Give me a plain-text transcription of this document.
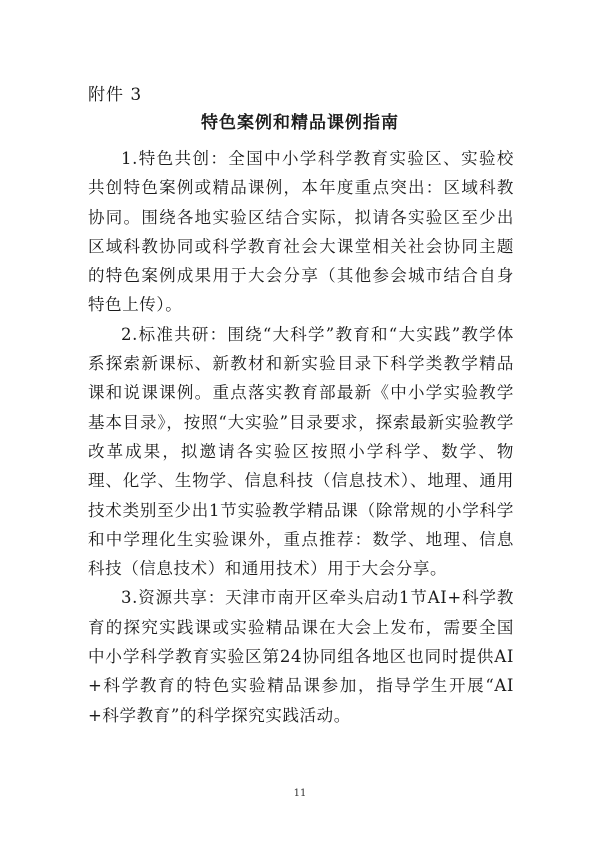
附件 3
特色案例和精品课例指南

1.特色共创：全国中小学科学教育实验区、实验校共创特色案例或精品课例，本年度重点突出：区域科教协同。围绕各地实验区结合实际，拟请各实验区至少出区域科教协同或科学教育社会大课堂相关社会协同主题的特色案例成果用于大会分享（其他参会城市结合自身特色上传）。

2.标准共研：围绕“大科学”教育和“大实践”教学体系探索新课标、新教材和新实验目录下科学类教学精品课和说课课例。重点落实教育部最新《中小学实验教学基本目录》，按照“大实验”目录要求，探索最新实验教学改革成果，拟邀请各实验区按照小学科学、数学、物理、化学、生物学、信息科技（信息技术）、地理、通用技术类别至少出1节实验教学精品课（除常规的小学科学和中学理化生实验课外，重点推荐：数学、地理、信息科技（信息技术）和通用技术）用于大会分享。

3.资源共享：天津市南开区牵头启动1节AI+科学教育的探究实践课或实验精品课在大会上发布，需要全国中小学科学教育实验区第24协同组各地区也同时提供AI+科学教育的特色实验精品课参加，指导学生开展“AI+科学教育”的科学探究实践活动。

11
